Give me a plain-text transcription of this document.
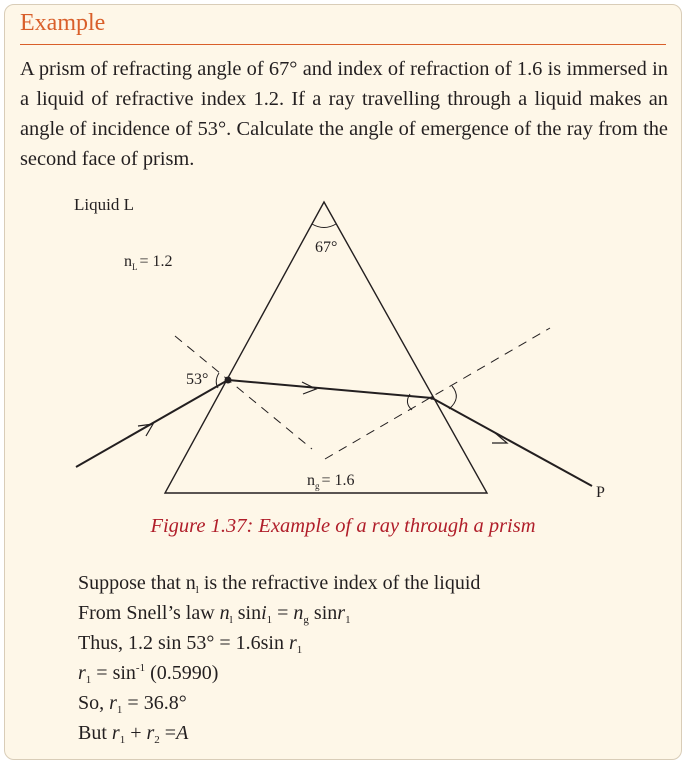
Example
A prism of refracting angle of 67° and index of refraction of 1.6 is immersed in a liquid of refractive index 1.2. If a ray travelling through a liquid makes an angle of incidence of 53°. Calculate the angle of emergence of the ray from the second face of prism.
Liquid L
$n_L = 1.2$
67°
53°
$n_g = 1.6$
P
Figure 1.37: Example of a ray through a prism
Suppose that $n_l$ is the refractive index of the liquid
From Snell’s law $n_l$ $\sin i_1 = n_g$ sinr$_1$
Thus, 1.2 sin 53° = 1.6sin $r_1$
$r_1 = \sin^{-1} (0.5990)$
So, $r_1 = 36.8^\circ$
But $r_1 + r_2 =A$
